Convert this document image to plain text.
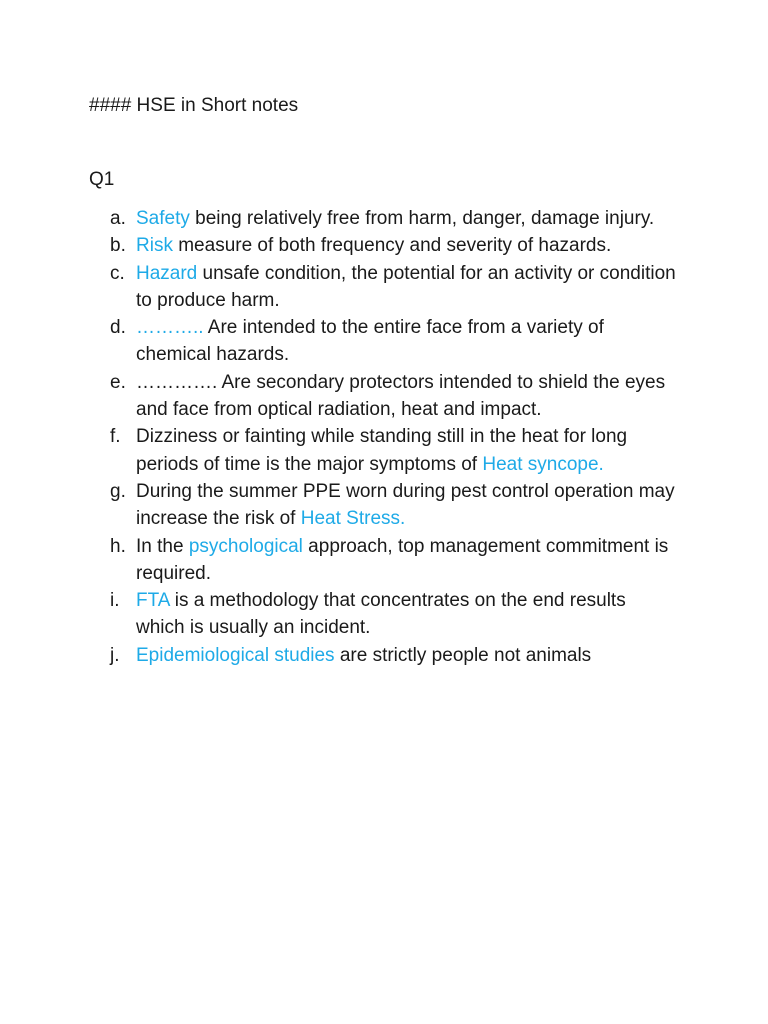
#### HSE in Short notes

Q1

a. Safety being relatively free from harm, danger, damage injury.
b. Risk measure of both frequency and severity of hazards.
c. Hazard unsafe condition, the potential for an activity or condition to produce harm.
d. ……….. Are intended to the entire face from a variety of chemical hazards.
e. …………. Are secondary protectors intended to shield the eyes and face from optical radiation, heat and impact.
f. Dizziness or fainting while standing still in the heat for long periods of time is the major symptoms of Heat syncope.
g. During the summer PPE worn during pest control operation may increase the risk of Heat Stress.
h. In the psychological approach, top management commitment is required.
i. FTA is a methodology that concentrates on the end results which is usually an incident.
j. Epidemiological studies are strictly people not animals
